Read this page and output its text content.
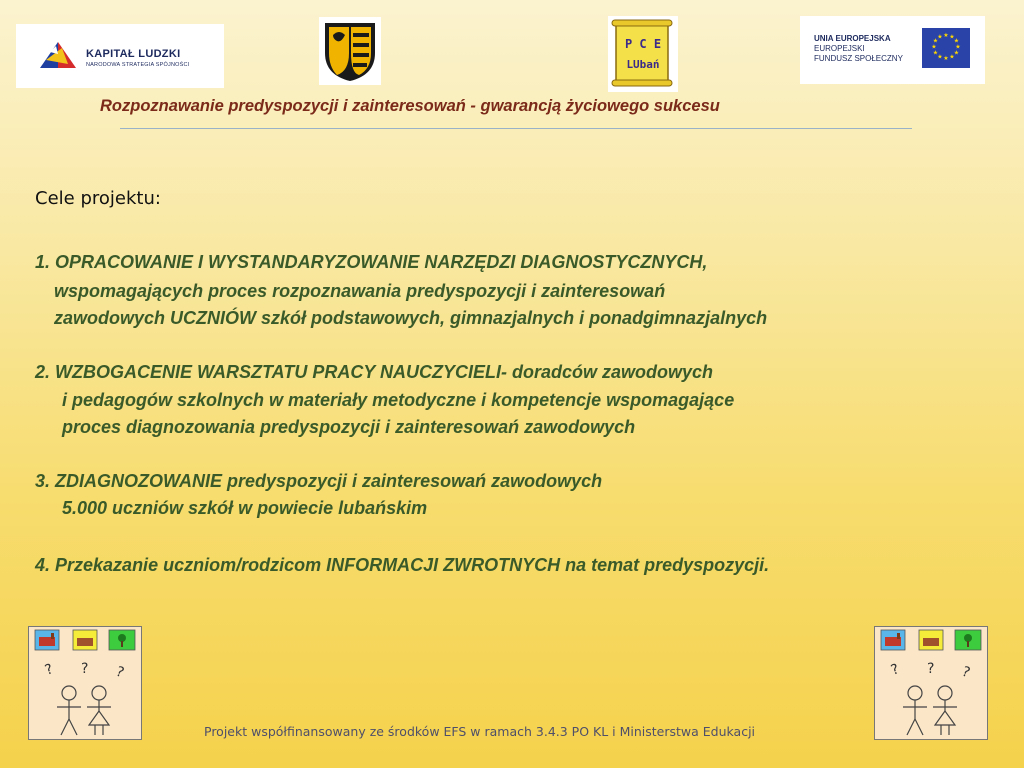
KAPITAŁ LUDZKI
NARODOWA STRATEGIA SPÓJNOŚCI
P C E
LUbań
UNIA EUROPEJSKA
EUROPEJSKI
FUNDUSZ SPOŁECZNY
★ ★
★
★
★
★
★
★
★
★
★
★
Rozpoznawanie predyspozycji i zainteresowań - gwarancją życiowego sukcesu
Cele projektu:
1. OPRACOWANIE I WYSTANDARYZOWANIE NARZĘDZI DIAGNOSTYCZNYCH,
wspomagających proces rozpoznawania predyspozycji i zainteresowań
zawodowych UCZNIÓW szkół podstawowych, gimnazjalnych i ponadgimnazjalnych
2. WZBOGACENIE WARSZTATU PRACY NAUCZYCIELI- doradców zawodowych
i pedagogów szkolnych w materiały metodyczne i kompetencje wspomagające
proces diagnozowania predyspozycji i zainteresowań zawodowych
3. ZDIAGNOZOWANIE predyspozycji i zainteresowań zawodowych
5.000 uczniów szkół w powiecie lubańskim
4. Przekazanie uczniom/rodzicom INFORMACJI ZWROTNYCH na temat predyspozycji.
? ? ?	? ? ?
Projekt współfinansowany ze środków EFS w ramach 3.4.3 PO KL i Ministerstwa Edukacji
